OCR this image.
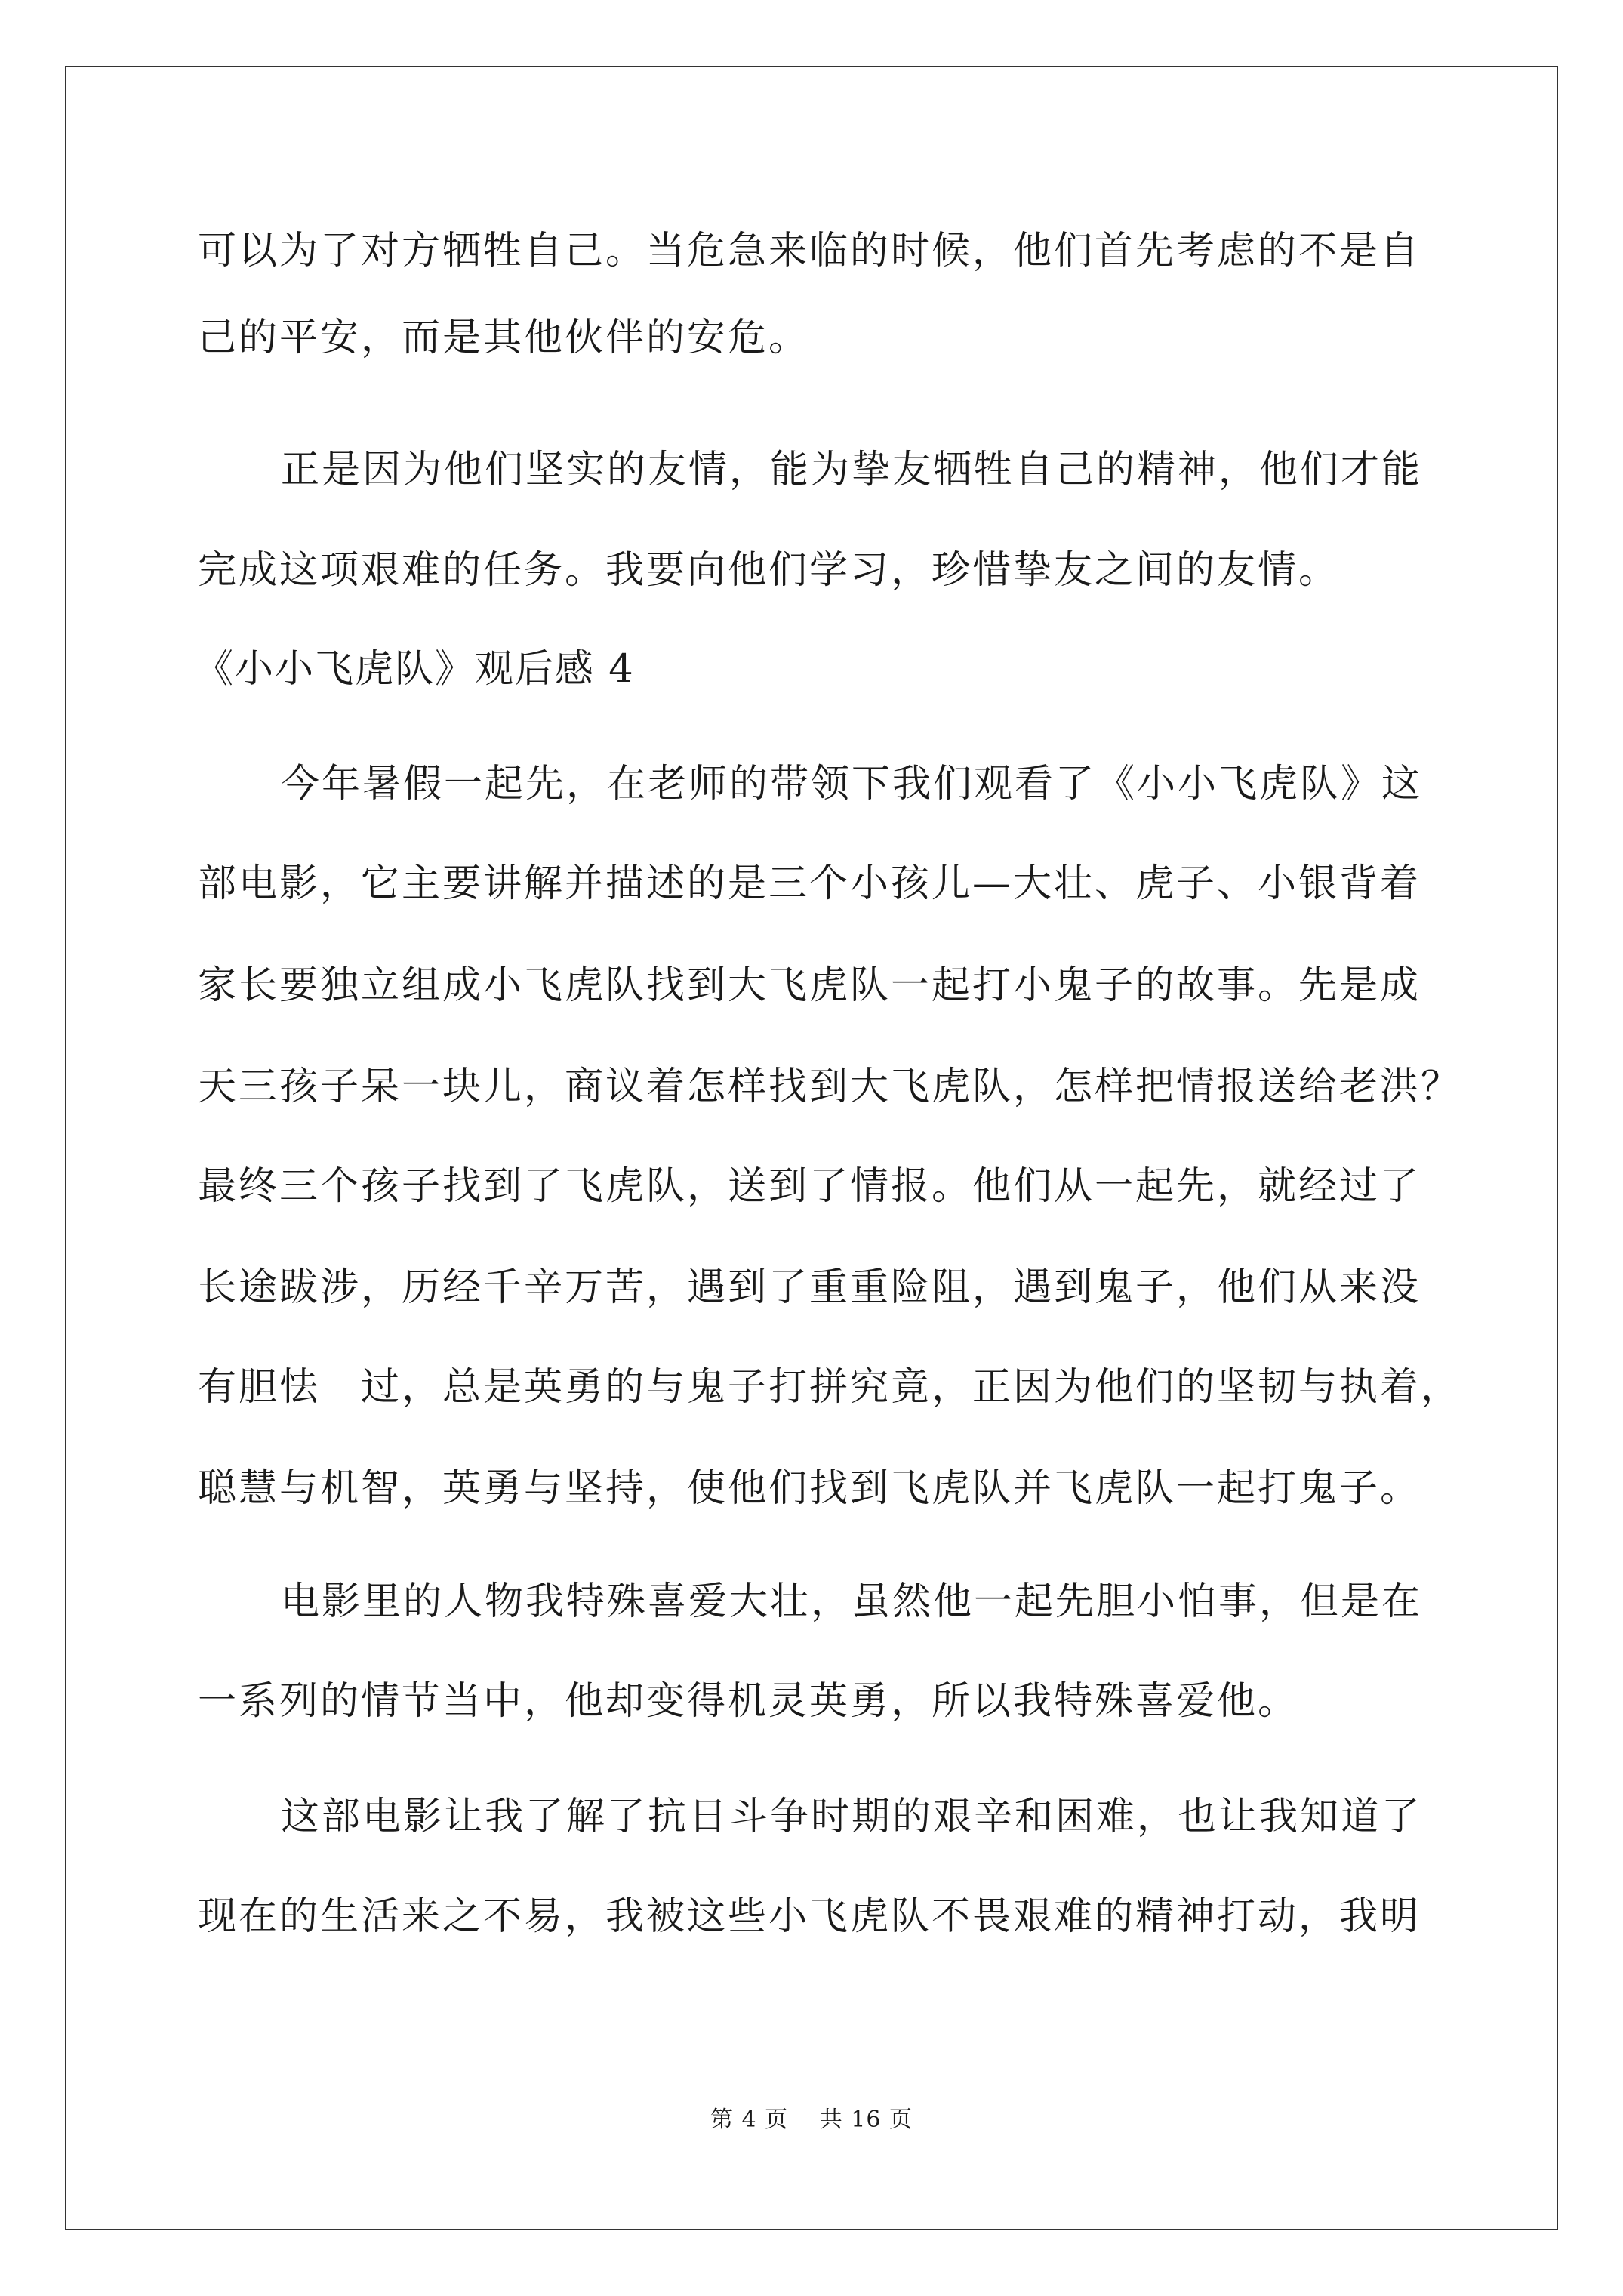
可以为了对方牺牲自己。当危急来临的时候，他们首先考虑的不是自
己的平安，而是其他伙伴的安危。
正是因为他们坚实的友情，能为挚友牺牲自己的精神，他们才能
完成这项艰难的任务。我要向他们学习，珍惜挚友之间的友情。
《小小飞虎队》观后感 4
今年暑假一起先，在老师的带领下我们观看了《小小飞虎队》这
部电影，它主要讲解并描述的是三个小孩儿—大壮、虎子、小银背着
家长要独立组成小飞虎队找到大飞虎队一起打小鬼子的故事。先是成
天三孩子呆一块儿，商议着怎样找到大飞虎队，怎样把情报送给老洪？
最终三个孩子找到了飞虎队，送到了情报。他们从一起先，就经过了
长途跋涉，历经千辛万苦，遇到了重重险阻，遇到鬼子，他们从来没
有胆怯　过，总是英勇的与鬼子打拼究竟，正因为他们的坚韧与执着，
聪慧与机智，英勇与坚持，使他们找到飞虎队并飞虎队一起打鬼子。
电影里的人物我特殊喜爱大壮，虽然他一起先胆小怕事，但是在
一系列的情节当中，他却变得机灵英勇，所以我特殊喜爱他。
这部电影让我了解了抗日斗争时期的艰辛和困难，也让我知道了
现在的生活来之不易，我被这些小飞虎队不畏艰难的精神打动，我明
第 4 页　 共 16 页
